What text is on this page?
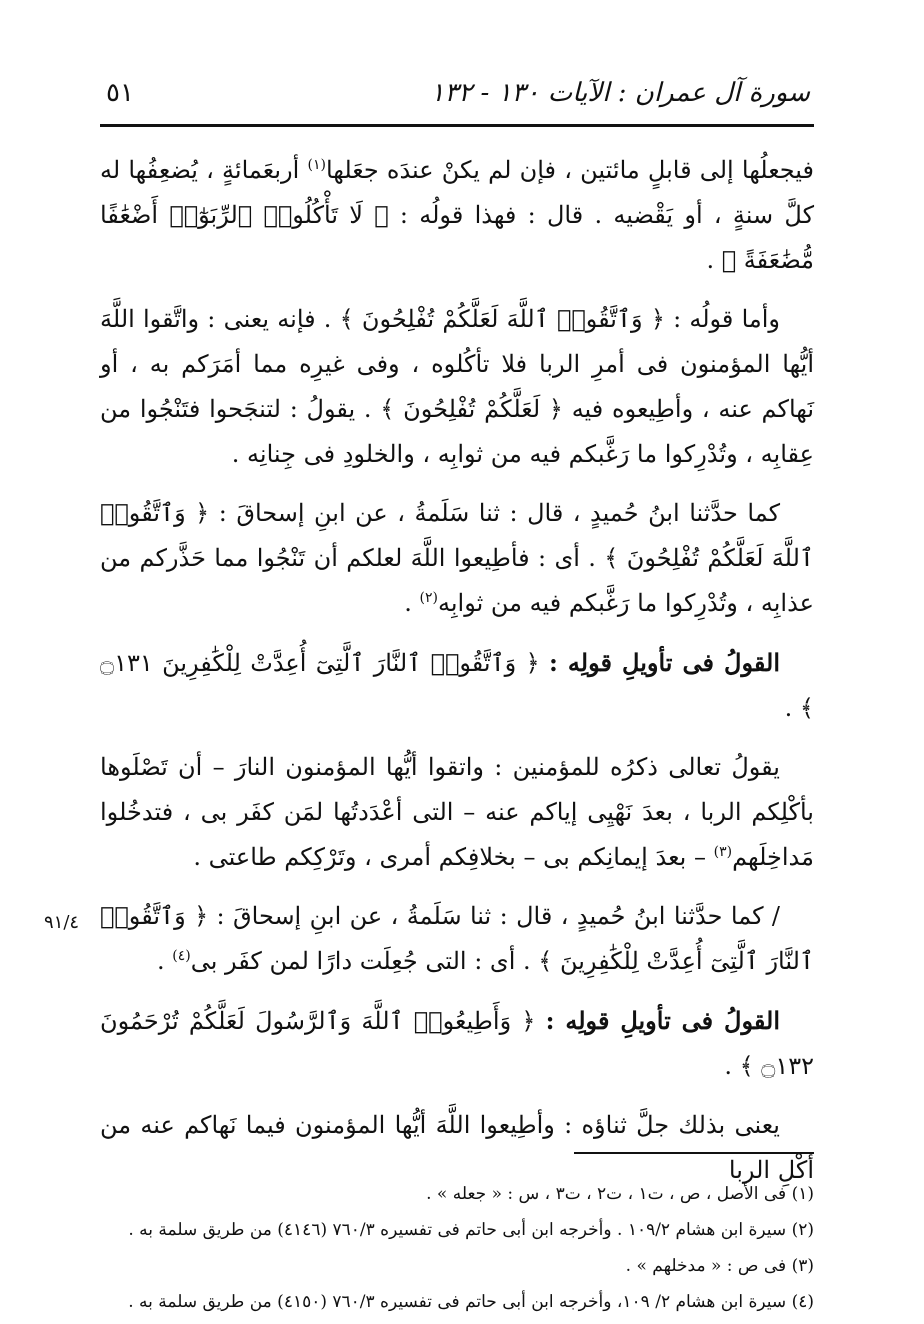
سورة آل عمران : الآيات ١٣٠ - ١٣٢
٥١
٩١/٤

فيجعلُها إلى قابلٍ مائتين ، فإن لم يكنْ عندَه جعَلها$^{(١)}$ أربعَمائةٍ ، يُضعِفُها له كلَّ سنةٍ ، أو يَقْضيه . قال : فهذا قولُه : ﴿ لَا تَأْكُلُوا۟ ٱلرِّبَوٰٓا۟ أَضْعَٰفًا مُّضَٰعَفَةً ﴾ .

وأما قولُه : ﴿ وَٱتَّقُوا۟ ٱللَّهَ لَعَلَّكُمْ تُفْلِحُونَ ﴾ . فإنه يعنى : واتَّقوا اللَّهَ أيُّها المؤمنون فى أمرِ الربا فلا تأكُلوه ، وفى غيرِه مما أمَرَكم به ، أو نَهاكم عنه ، وأطِيعوه فيه ﴿ لَعَلَّكُمْ تُفْلِحُونَ ﴾ . يقولُ : لتنجَحوا فتَنْجُوا من عِقابِه ، وتُدْرِكوا ما رَغَّبكم فيه من ثوابِه ، والخلودِ فى جِنانِه .

كما حدَّثنا ابنُ حُميدٍ ، قال : ثنا سَلَمةُ ، عن ابنِ إسحاقَ : ﴿ وَٱتَّقُوا۟ ٱللَّهَ لَعَلَّكُمْ تُفْلِحُونَ ﴾ . أى : فأطِيعوا اللَّهَ لعلكم أن تَنْجُوا مما حَذَّركم من عذابِه ، وتُدْرِكوا ما رَغَّبكم فيه من ثوابِه$^{(٢)}$ .

القولُ فى تأويلِ قولِه : ﴿ وَٱتَّقُوا۟ ٱلنَّارَ ٱلَّتِىٓ أُعِدَّتْ لِلْكَٰفِرِينَ ۝١٣١ ﴾ .

يقولُ تعالى ذكرُه للمؤمنين : واتقوا أيُّها المؤمنون النارَ – أن تَصْلَوها بأكْلِكم الربا ، بعدَ نَهْيِى إياكم عنه – التى أعْدَدتُها لمَن كفَر بى ، فتدخُلوا مَداخِلَهم$^{(٣)}$ – بعدَ إيمانِكم بى – بخلافِكم أمرى ، وتَرْكِكم طاعتى .

/ كما حدَّثنا ابنُ حُميدٍ ، قال : ثنا سَلَمةُ ، عن ابنِ إسحاقَ : ﴿ وَٱتَّقُوا۟ ٱلنَّارَ ٱلَّتِىٓ أُعِدَّتْ لِلْكَٰفِرِينَ ﴾ . أى : التى جُعِلَت دارًا لمن كفَر بى$^{(٤)}$ .

القولُ فى تأويلِ قولِه : ﴿ وَأَطِيعُوا۟ ٱللَّهَ وَٱلرَّسُولَ لَعَلَّكُمْ تُرْحَمُونَ ۝١٣٢ ﴾ .

يعنى بذلك جلَّ ثناؤه : وأطِيعوا اللَّهَ أيُّها المؤمنون فيما نَهاكم عنه من أكْلِ الربا

(١) فى الأصل ، ص ، ت١ ، ت٢ ، ت٣ ، س : « جعله » .

(٢) سيرة ابن هشام ١٠٩/٢ . وأخرجه ابن أبى حاتم فى تفسيره ٧٦٠/٣ (٤١٤٦) من طريق سلمة به .

(٣) فى ص : « مدخلهم » .

(٤) سيرة ابن هشام ٢/ ١٠٩، وأخرجه ابن أبى حاتم فى تفسيره ٧٦٠/٣ (٤١٥٠) من طريق سلمة به .
